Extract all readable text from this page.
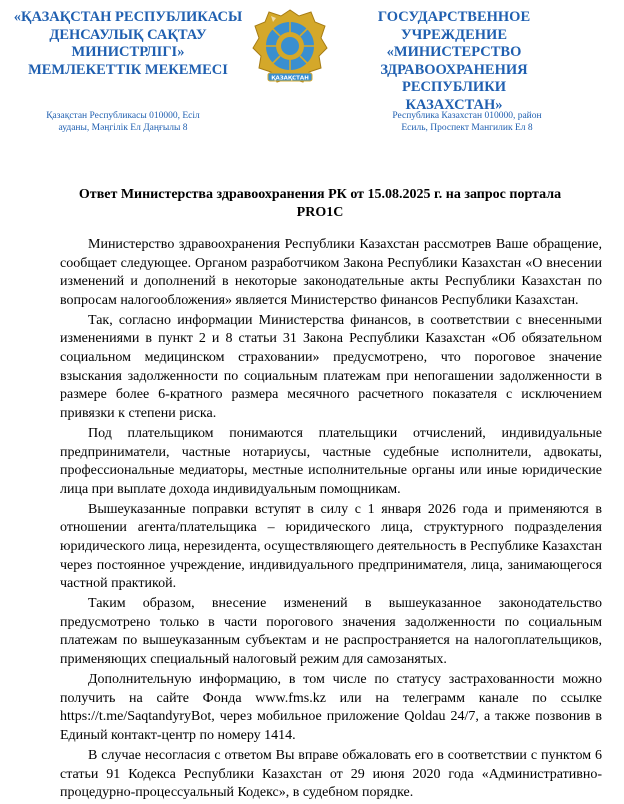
«ҚАЗАҚСТАН РЕСПУБЛИКАСЫ
ДЕНСАУЛЫҚ САҚТАУ
МИНИСТРЛІГІ»
МЕМЛЕКЕТТІК МЕКЕМЕСІ
ҚАЗАҚСТАН
ГОСУДАРСТВЕННОЕ УЧРЕЖДЕНИЕ
«МИНИСТЕРСТВО
ЗДРАВООХРАНЕНИЯ РЕСПУБЛИКИ
КАЗАХСТАН»
Қазақстан Республикасы 010000, Есіл
ауданы, Мәңгілік Ел Даңғылы 8
Республика Казахстан 010000, район
Есиль, Проспект Мангилик Ел 8
Ответ Министерства здравоохранения РК от 15.08.2025 г. на запрос портала
PRO1C

Министерство здравоохранения Республики Казахстан рассмотрев Ваше обращение, сообщает следующее. Органом разработчиком Закона Республики Казахстан «О внесении изменений и дополнений в некоторые законодательные акты Республики Казахстан по вопросам налогообложения» является Министерство финансов Республики Казахстан.

Так, согласно информации Министерства финансов, в соответствии с внесенными изменениями в пункт 2 и 8 статьи 31 Закона Республики Казахстан «Об обязательном социальном медицинском страховании» предусмотрено, что пороговое значение взыскания задолженности по социальным платежам при непогашении задолженности в размере более 6-кратного размера месячного расчетного показателя с исключением привязки к степени риска.

Под плательщиком понимаются плательщики отчислений, индивидуальные предприниматели, частные нотариусы, частные судебные исполнители, адвокаты, профессиональные медиаторы, местные исполнительные органы или иные юридические лица при выплате дохода индивидуальным помощникам.

Вышеуказанные поправки вступят в силу с 1 января 2026 года и применяются в отношении агента/плательщика – юридического лица, структурного подразделения юридического лица, нерезидента, осуществляющего деятельность в Республике Казахстан через постоянное учреждение, индивидуального предпринимателя, лица, занимающегося частной практикой.

Таким образом, внесение изменений в вышеуказанное законодательство предусмотрено только в части порогового значения задолженности по социальным платежам по вышеуказанным субъектам и не распространяется на налогоплательщиков, применяющих специальный налоговый режим для самозанятых.

Дополнительную информацию, в том числе по статусу застрахованности можно получить на сайте Фонда www.fms.kz или на телеграмм канале по ссылке https://t.me/SaqtandyryBot, через мобильное приложение Qoldau 24/7, а также позвонив в Единый контакт-центр по номеру 1414.

В случае несогласия с ответом Вы вправе обжаловать его в соответствии с пунктом 6 статьи 91 Кодекса Республики Казахстан от 29 июня 2020 года «Административно-процедурно-процессуальный Кодекс», в судебном порядке.
